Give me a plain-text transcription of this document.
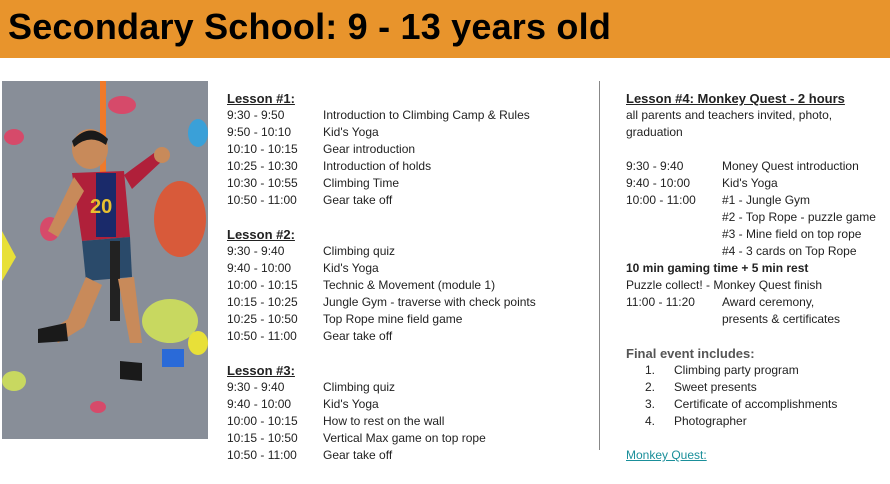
Secondary School: 9 - 13 years old
20
Lesson #1:
9:30 - 9:50	Introduction to Climbing Camp & Rules
9:50 - 10:10	Kid's Yoga
10:10 - 10:15	Gear introduction
10:25 - 10:30	Introduction of holds
10:30 - 10:55	Climbing Time
10:50 - 11:00	Gear take off
Lesson #2:
9:30 - 9:40	Climbing quiz
9:40 - 10:00	Kid's Yoga
10:00 - 10:15	Technic & Movement (module 1)
10:15 - 10:25	Jungle Gym - traverse with check points
10:25 - 10:50	Top Rope mine field game
10:50 - 11:00	Gear take off
Lesson #3:
9:30 - 9:40	Climbing quiz
9:40 - 10:00	Kid's Yoga
10:00 - 10:15	How to rest on the wall
10:15 - 10:50	Vertical Max game on top rope
10:50 - 11:00	Gear take off
Lesson #4: Monkey Quest - 2 hours
all parents and teachers invited, photo,
graduation
9:30 - 9:40	Money Quest introduction
9:40 - 10:00	Kid's Yoga
10:00 - 11:00	#1 - Jungle Gym
#2 - Top Rope - puzzle game
#3 - Mine field on top rope
#4 - 3 cards on Top Rope
10 min gaming time + 5 min rest
Puzzle collect! - Monkey Quest finish
11:00 - 11:20	Award ceremony,
presents & certificates
Final event includes:
1.	Climbing party program
2.	Sweet presents
3.	Certificate of accomplishments
4.	Photographer
Monkey Quest:
